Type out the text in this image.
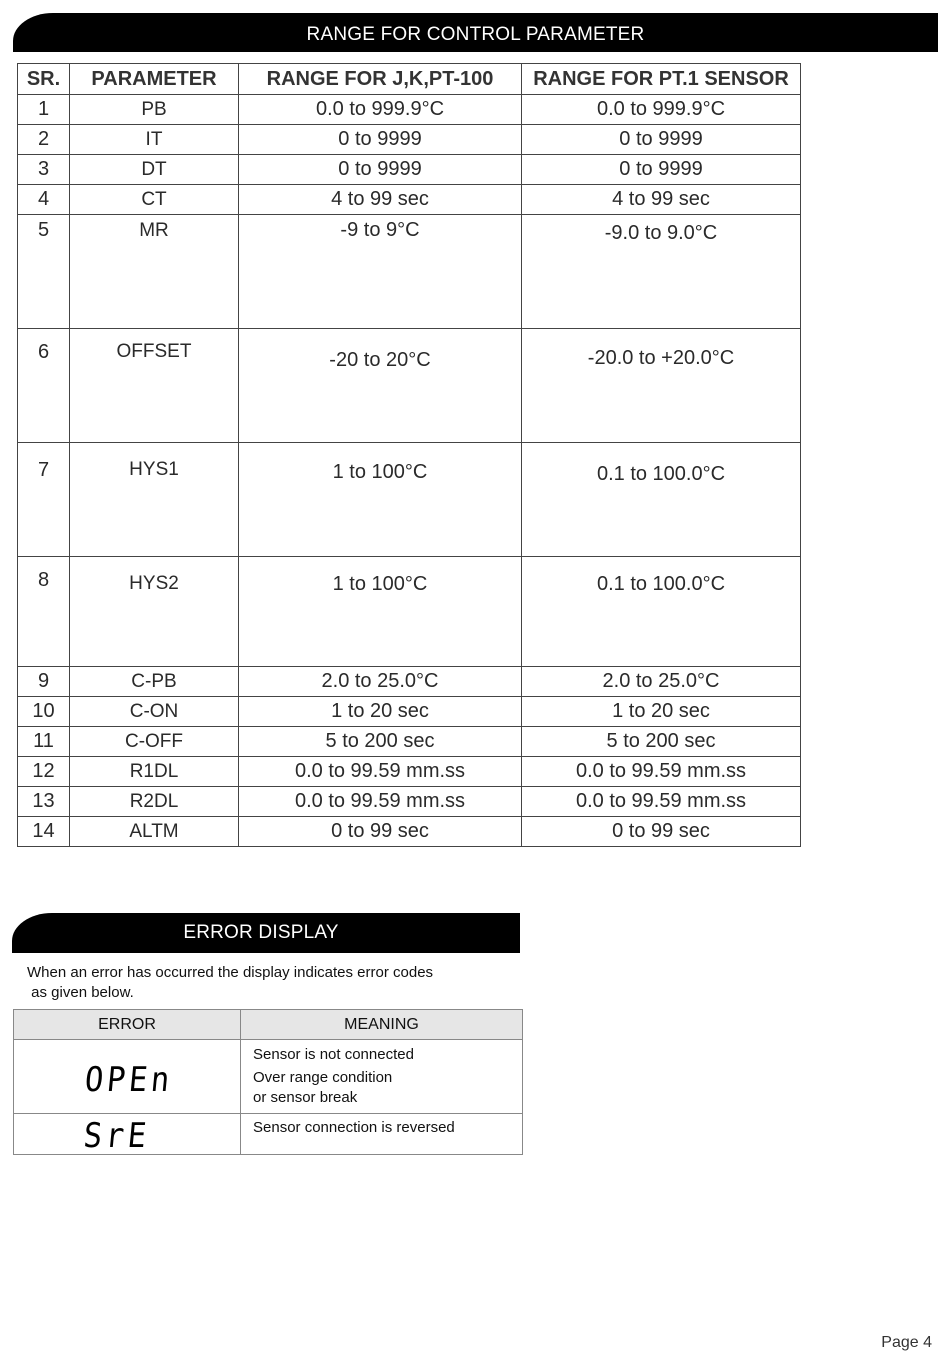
RANGE FOR CONTROL PARAMETER
SR.	PARAMETER	RANGE FOR J,K,PT-100	RANGE FOR PT.1 SENSOR
1	PB	0.0 to 999.9°C	0.0 to 999.9°C
2	IT	0 to 9999	0 to 9999
3	DT	0 to 9999	0 to 9999
4	CT	4 to 99 sec	4 to 99 sec

5	MR	-9 to 9°C	-9.0 to 9.0°C

6	OFFSET	-20 to 20°C	-20.0 to +20.0°C

7	HYS1	1 to 100°C	0.1 to 100.0°C

8	HYS2	1 to 100°C	0.1 to 100.0°C

9	C-PB	2.0 to 25.0°C	2.0 to 25.0°C
10	C-ON	1 to 20 sec	1 to 20 sec
11	C-OFF	5 to 200 sec	5 to 200 sec
12	R1DL	0.0 to 99.59 mm.ss	0.0 to 99.59 mm.ss
13	R2DL	0.0 to 99.59 mm.ss	0.0 to 99.59 mm.ss
14	ALTM	0 to 99 sec	0 to 99 sec
ERROR DISPLAY
When an error has occurred the display indicates error codes
as given below.
ERROR	MEANING

OPEn	Sensor is not connected
Over range condition
or sensor break

SrE	Sensor connection is reversed
Page 4
